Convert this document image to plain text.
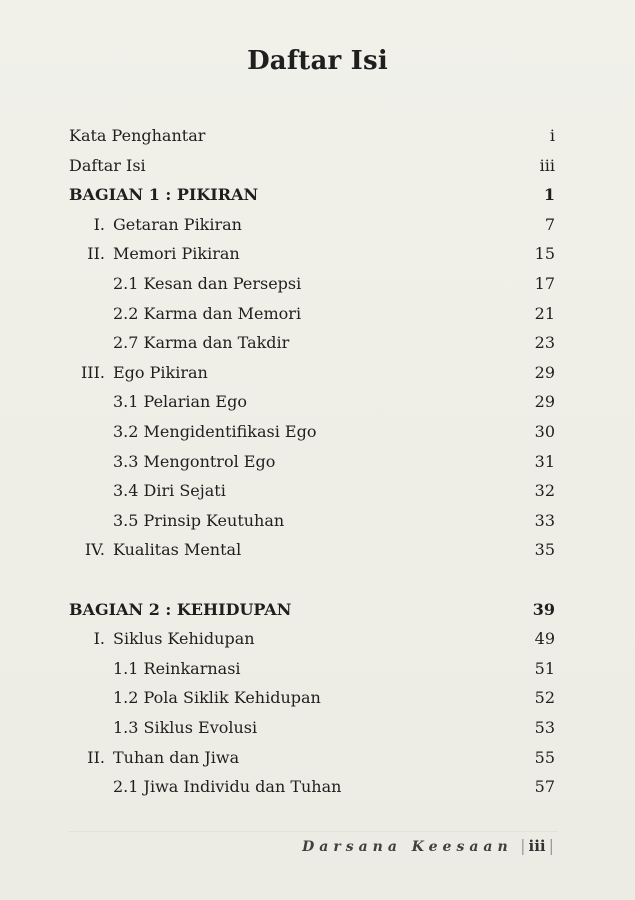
Daftar Isi
Kata Penghantar	i
Daftar Isi	iii
BAGIAN 1 : PIKIRAN	1
I. Getaran Pikiran	7
II. Memori Pikiran	15
2.1 Kesan dan Persepsi	17
2.2 Karma dan Memori	21
2.7 Karma dan Takdir	23
III. Ego Pikiran	29
3.1 Pelarian Ego	29
3.2 Mengidentifikasi Ego	30
3.3 Mengontrol Ego	31
3.4 Diri Sejati	32
3.5 Prinsip Keutuhan	33
IV. Kualitas Mental	35
BAGIAN 2 : KEHIDUPAN	39
I. Siklus Kehidupan	49
1.1 Reinkarnasi	51
1.2 Pola Siklik Kehidupan	52
1.3 Siklus Evolusi	53
II. Tuhan dan Jiwa	55
2.1 Jiwa Individu dan Tuhan	57
Darsana Keesaan | iii |
